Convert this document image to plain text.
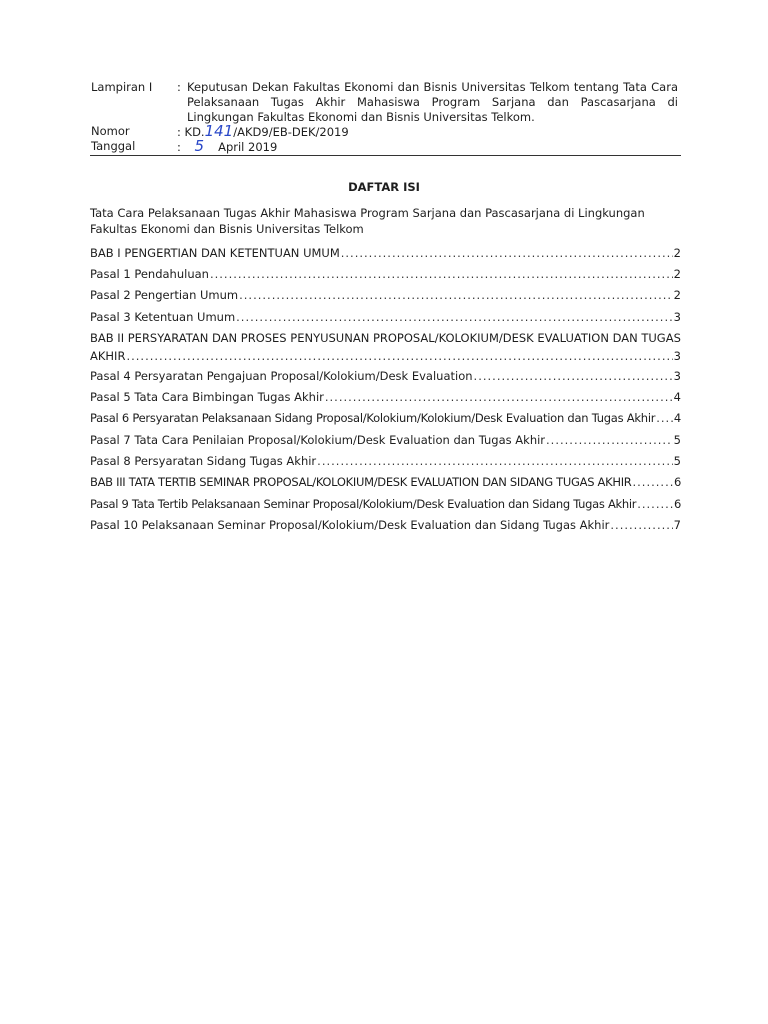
Lampiran I : Keputusan Dekan Fakultas Ekonomi dan Bisnis Universitas Telkom tentang Tata Cara Pelaksanaan Tugas Akhir Mahasiswa Program Sarjana dan Pascasarjana di Lingkungan Fakultas Ekonomi dan Bisnis Universitas Telkom.
Nomor	: KD.141/AKD9/EB-DEK/2019
Tanggal	: 5 April 2019
DAFTAR ISI
Tata Cara Pelaksanaan Tugas Akhir Mahasiswa Program Sarjana dan Pascasarjana di Lingkungan Fakultas Ekonomi dan Bisnis Universitas Telkom
BAB I PENGERTIAN DAN KETENTUAN UMUM .....	2
Pasal 1 Pendahuluan .....	2
Pasal 2 Pengertian Umum .....	2
Pasal 3 Ketentuan Umum .....	3
BAB II PERSYARATAN DAN PROSES PENYUSUNAN PROPOSAL/KOLOKIUM/DESK EVALUATION DAN TUGAS
AKHIR .....	3
Pasal 4 Persyaratan Pengajuan Proposal/Kolokium/Desk Evaluation .....	3
Pasal 5 Tata Cara Bimbingan Tugas Akhir .....	4
Pasal 6 Persyaratan Pelaksanaan Sidang Proposal/Kolokium/Kolokium/Desk Evaluation dan Tugas Akhir ..... 4
Pasal 7 Tata Cara Penilaian Proposal/Kolokium/Desk Evaluation dan Tugas Akhir .....	5
Pasal 8 Persyaratan Sidang Tugas Akhir .....	5
BAB III TATA TERTIB SEMINAR PROPOSAL/KOLOKIUM/DESK EVALUATION DAN SIDANG TUGAS AKHIR .....	6
Pasal 9 Tata Tertib Pelaksanaan Seminar Proposal/Kolokium/Desk Evaluation dan Sidang Tugas Akhir .....	6
Pasal 10 Pelaksanaan Seminar Proposal/Kolokium/Desk Evaluation dan Sidang Tugas Akhir .....	7
